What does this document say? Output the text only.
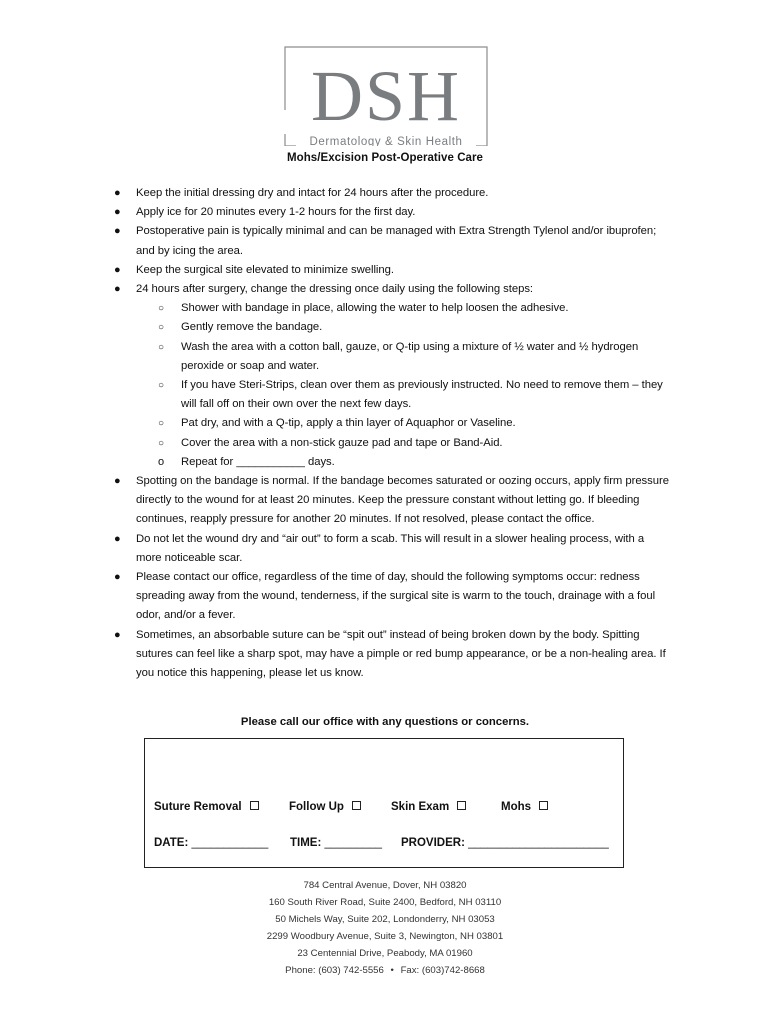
DSH
Dermatology & Skin Health
Mohs/Excision Post-Operative Care
● Keep the initial dressing dry and intact for 24 hours after the procedure.
● Apply ice for 20 minutes every 1-2 hours for the first day.
● Postoperative pain is typically minimal and can be managed with Extra Strength Tylenol and/or ibuprofen; and by icing the area.
● Keep the surgical site elevated to minimize swelling.
● 24 hours after surgery, change the dressing once daily using the following steps:
○ Shower with bandage in place, allowing the water to help loosen the adhesive.
○ Gently remove the bandage.
○ Wash the area with a cotton ball, gauze, or Q-tip using a mixture of ½ water and ½ hydrogen peroxide or soap and water.
○ If you have Steri-Strips, clean over them as previously instructed. No need to remove them – they will fall off on their own over the next few days.
○ Pat dry, and with a Q-tip, apply a thin layer of Aquaphor or Vaseline.
○ Cover the area with a non-stick gauze pad and tape or Band-Aid.
o Repeat for ___________ days.
● Spotting on the bandage is normal. If the bandage becomes saturated or oozing occurs, apply firm pressure directly to the wound for at least 20 minutes. Keep the pressure constant without letting go. If bleeding continues, reapply pressure for another 20 minutes. If not resolved, please contact the office.
● Do not let the wound dry and “air out” to form a scab. This will result in a slower healing process, with a more noticeable scar.
● Please contact our office, regardless of the time of day, should the following symptoms occur: redness spreading away from the wound, tenderness, if the surgical site is warm to the touch, drainage with a foul odor, and/or a fever.
● Sometimes, an absorbable suture can be “spit out” instead of being broken down by the body. Spitting sutures can feel like a sharp spot, may have a pimple or red bump appearance, or be a non-healing area. If you notice this happening, please let us know.
Please call our office with any questions or concerns.
Suture Removal	Follow Up	Skin Exam	Mohs
DATE: ____________ TIME: _________ PROVIDER: ______________________
784 Central Avenue, Dover, NH 03820
160 South River Road, Suite 2400, Bedford, NH 03110
50 Michels Way, Suite 202, Londonderry, NH 03053
2299 Woodbury Avenue, Suite 3, Newington, NH 03801
23 Centennial Drive, Peabody, MA 01960
Phone: (603) 742-5556 • Fax: (603)742-8668
